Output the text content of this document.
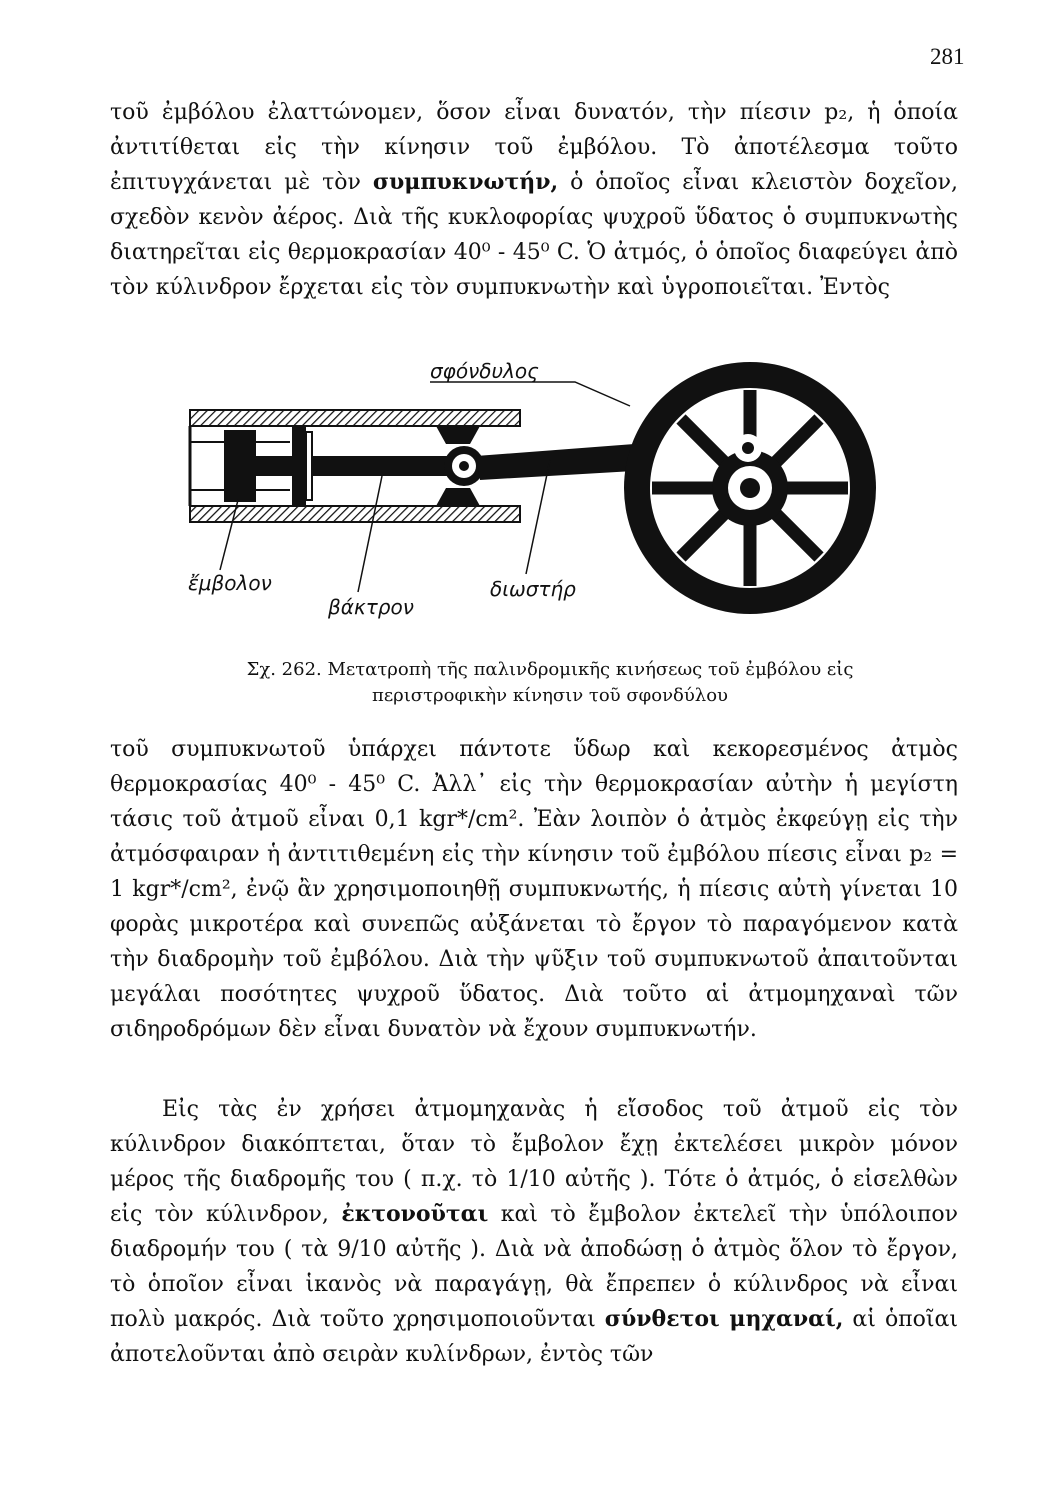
281

τοῦ ἐμβόλου ἐλαττώνομεν, ὅσον εἶναι δυνατόν, τὴν πίεσιν p₂, ἡ ὁποία ἀντιτίθεται εἰς τὴν κίνησιν τοῦ ἐμβόλου. Τὸ ἀποτέλεσμα τοῦτο ἐπιτυγχάνεται μὲ τὸν συμπυκνωτήν, ὁ ὁποῖος εἶναι κλειστὸν δοχεῖον, σχεδὸν κενὸν ἀέρος. Διὰ τῆς κυκλοφορίας ψυχροῦ ὕδατος ὁ συμπυκνωτὴς διατηρεῖται εἰς θερμοκρασίαν 40⁰ - 45⁰ C. Ὁ ἀτμός, ὁ ὁποῖος διαφεύγει ἀπὸ τὸν κύλινδρον ἔρχεται εἰς τὸν συμπυκνωτὴν καὶ ὑγροποιεῖται. Ἐντὸς

σφόνδυλος
ἔμβολον
βάκτρον
διωστήρ
Σχ. 262. Μετατροπὴ τῆς παλινδρομικῆς κινήσεως τοῦ ἐμβόλου εἰς
περιστροφικὴν κίνησιν τοῦ σφονδύλου

τοῦ συμπυκνωτοῦ ὑπάρχει πάντοτε ὕδωρ καὶ κεκορεσμένος ἀτμὸς θερμοκρασίας 40⁰ - 45⁰ C. Ἀλλ᾿ εἰς τὴν θερμοκρασίαν αὐτὴν ἡ μεγίστη τάσις τοῦ ἀτμοῦ εἶναι 0,1 kgr*/cm². Ἐὰν λοιπὸν ὁ ἀτμὸς ἐκφεύγῃ εἰς τὴν ἀτμόσφαιραν ἡ ἀντιτιθεμένη εἰς τὴν κίνησιν τοῦ ἐμβόλου πίεσις εἶναι p₂ = 1 kgr*/cm², ἐνῷ ἂν χρησιμοποιηθῇ συμπυκνωτής, ἡ πίεσις αὐτὴ γίνεται 10 φορὰς μικροτέρα καὶ συνεπῶς αὐξάνεται τὸ ἔργον τὸ παραγόμενον κατὰ τὴν διαδρομὴν τοῦ ἐμβόλου. Διὰ τὴν ψῦξιν τοῦ συμπυκνωτοῦ ἀπαιτοῦνται μεγάλαι ποσότητες ψυχροῦ ὕδατος. Διὰ τοῦτο αἱ ἀτμομηχαναὶ τῶν σιδηροδρόμων δὲν εἶναι δυνατὸν νὰ ἔχουν συμπυκνωτήν.

Εἰς τὰς ἐν χρήσει ἀτμομηχανὰς ἡ εἴσοδος τοῦ ἀτμοῦ εἰς τὸν κύλινδρον διακόπτεται, ὅταν τὸ ἔμβολον ἔχῃ ἐκτελέσει μικρὸν μόνον μέρος τῆς διαδρομῆς του ( π.χ. τὸ 1/10 αὐτῆς ). Τότε ὁ ἀτμός, ὁ εἰσελθὼν εἰς τὸν κύλινδρον, ἐκτονοῦται καὶ τὸ ἔμβολον ἐκτελεῖ τὴν ὑπόλοιπον διαδρομήν του ( τὰ 9/10 αὐτῆς ). Διὰ νὰ ἀποδώσῃ ὁ ἀτμὸς ὅλον τὸ ἔργον, τὸ ὁποῖον εἶναι ἱκανὸς νὰ παραγάγῃ, θὰ ἔπρεπεν ὁ κύλινδρος νὰ εἶναι πολὺ μακρός. Διὰ τοῦτο χρησιμοποιοῦνται σύνθετοι μηχαναί, αἱ ὁποῖαι ἀποτελοῦνται ἀπὸ σειρὰν κυλίνδρων, ἐντὸς τῶν
